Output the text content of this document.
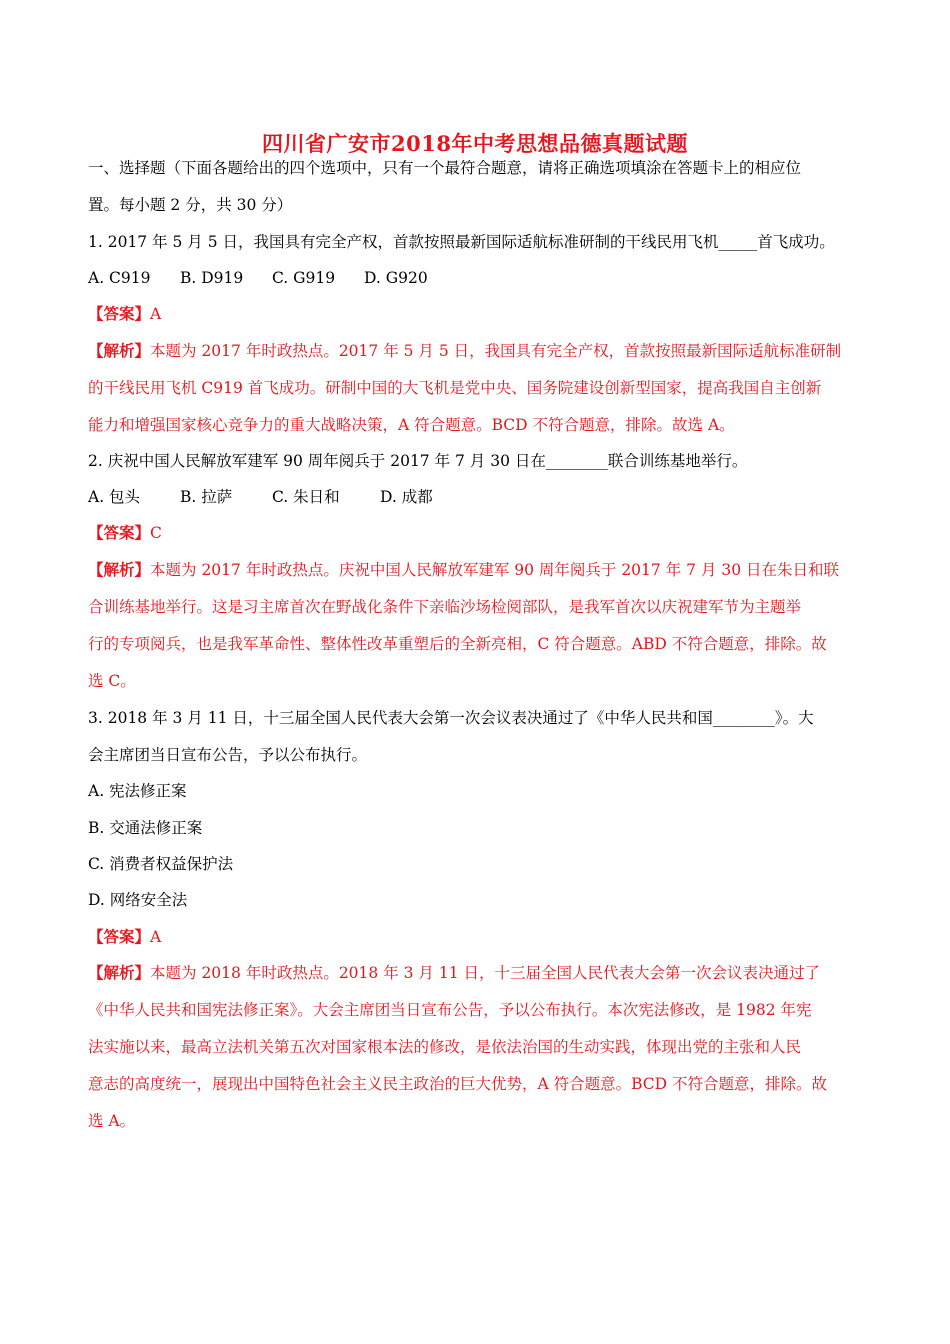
四川省广安市2018年中考思想品德真题试题
一、选择题（下面各题给出的四个选项中，只有一个最符合题意，请将正确选项填涂在答题卡上的相应位
置。每小题 2 分，共 30 分）
1. 2017 年 5 月 5 日，我国具有完全产权，首款按照最新国际适航标准研制的干线民用飞机_____首飞成功。
A. C919 B. D919 C. G919 D. G920
【答案】A
【解析】本题为 2017 年时政热点。2017 年 5 月 5 日，我国具有完全产权，首款按照最新国际适航标准研制
的干线民用飞机 C919 首飞成功。研制中国的大飞机是党中央、国务院建设创新型国家，提高我国自主创新
能力和增强国家核心竞争力的重大战略决策，A 符合题意。BCD 不符合题意，排除。故选 A。
2. 庆祝中国人民解放军建军 90 周年阅兵于 2017 年 7 月 30 日在________联合训练基地举行。
A. 包头	B. 拉萨	C. 朱日和	D. 成都
【答案】C
【解析】本题为 2017 年时政热点。庆祝中国人民解放军建军 90 周年阅兵于 2017 年 7 月 30 日在朱日和联
合训练基地举行。这是习主席首次在野战化条件下亲临沙场检阅部队，是我军首次以庆祝建军节为主题举
行的专项阅兵，也是我军革命性、整体性改革重塑后的全新亮相，C 符合题意。ABD 不符合题意，排除。故
选 C。
3. 2018 年 3 月 11 日，十三届全国人民代表大会第一次会议表决通过了《中华人民共和国________》。大
会主席团当日宣布公告，予以公布执行。
A. 宪法修正案
B. 交通法修正案
C. 消费者权益保护法
D. 网络安全法
【答案】A
【解析】本题为 2018 年时政热点。2018 年 3 月 11 日，十三届全国人民代表大会第一次会议表决通过了
《中华人民共和国宪法修正案》。大会主席团当日宣布公告，予以公布执行。本次宪法修改，是 1982 年宪
法实施以来，最高立法机关第五次对国家根本法的修改，是依法治国的生动实践，体现出党的主张和人民
意志的高度统一，展现出中国特色社会主义民主政治的巨大优势，A 符合题意。BCD 不符合题意，排除。故
选 A。
